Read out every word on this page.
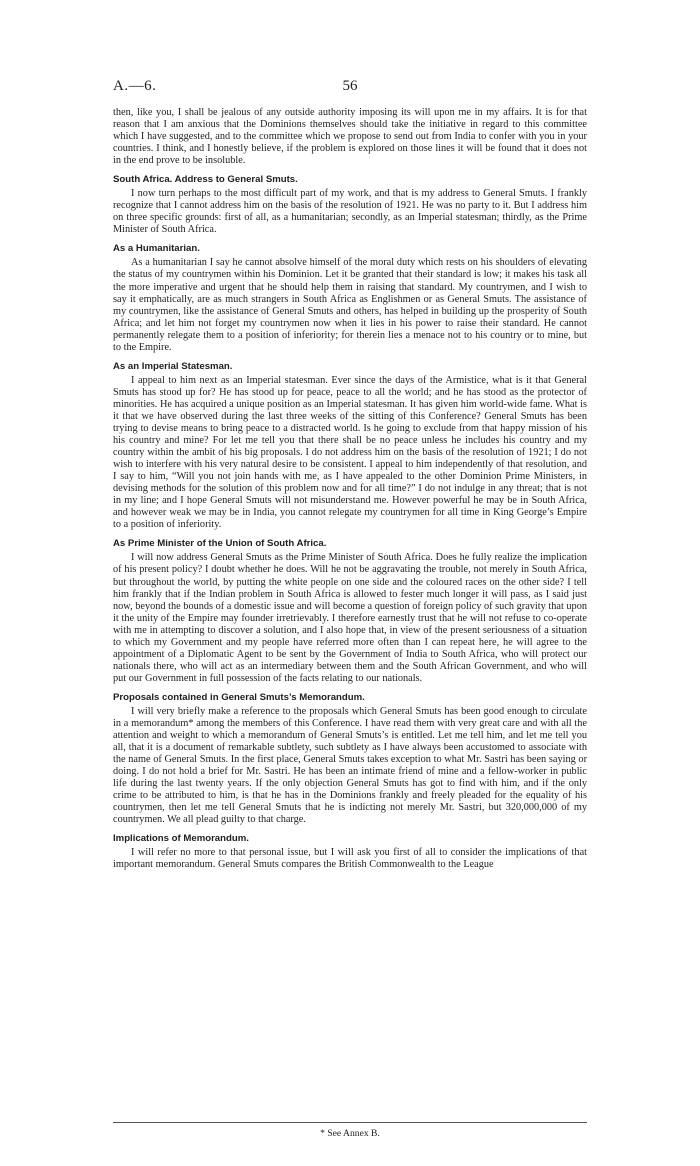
A.—6.	56

then, like you, I shall be jealous of any outside authority imposing its will upon me in my affairs. It is for that reason that I am anxious that the Dominions themselves should take the initiative in regard to this committee which I have suggested, and to the committee which we propose to send out from India to confer with you in your countries. I think, and I honestly believe, if the problem is explored on those lines it will be found that it does not in the end prove to be insoluble.

South Africa. Address to General Smuts.

I now turn perhaps to the most difficult part of my work, and that is my address to General Smuts. I frankly recognize that I cannot address him on the basis of the resolution of 1921. He was no party to it. But I address him on three specific grounds: first of all, as a humanitarian; secondly, as an Imperial statesman; thirdly, as the Prime Minister of South Africa.

As a Humanitarian.

As a humanitarian I say he cannot absolve himself of the moral duty which rests on his shoulders of elevating the status of my countrymen within his Dominion. Let it be granted that their standard is low; it makes his task all the more imperative and urgent that he should help them in raising that standard. My countrymen, and I wish to say it emphatically, are as much strangers in South Africa as Englishmen or as General Smuts. The assistance of my countrymen, like the assistance of General Smuts and others, has helped in building up the prosperity of South Africa; and let him not forget my countrymen now when it lies in his power to raise their standard. He cannot permanently relegate them to a position of inferiority; for therein lies a menace not to his country or to mine, but to the Empire.

As an Imperial Statesman.

I appeal to him next as an Imperial statesman. Ever since the days of the Armistice, what is it that General Smuts has stood up for? He has stood up for peace, peace to all the world; and he has stood as the protector of minorities. He has acquired a unique position as an Imperial statesman. It has given him world-wide fame. What is it that we have observed during the last three weeks of the sitting of this Conference? General Smuts has been trying to devise means to bring peace to a distracted world. Is he going to exclude from that happy mission of his his country and mine? For let me tell you that there shall be no peace unless he includes his country and my country within the ambit of his big proposals. I do not address him on the basis of the resolution of 1921; I do not wish to interfere with his very natural desire to be consistent. I appeal to him independently of that resolution, and I say to him, “Will you not join hands with me, as I have appealed to the other Dominion Prime Ministers, in devising methods for the solution of this problem now and for all time?” I do not indulge in any threat; that is not in my line; and I hope General Smuts will not misunderstand me. However powerful he may be in South Africa, and however weak we may be in India, you cannot relegate my countrymen for all time in King George’s Empire to a position of inferiority.

As Prime Minister of the Union of South Africa.

I will now address General Smuts as the Prime Minister of South Africa. Does he fully realize the implication of his present policy? I doubt whether he does. Will he not be aggravating the trouble, not merely in South Africa, but throughout the world, by putting the white people on one side and the coloured races on the other side? I tell him frankly that if the Indian problem in South Africa is allowed to fester much longer it will pass, as I said just now, beyond the bounds of a domestic issue and will become a question of foreign policy of such gravity that upon it the unity of the Empire may founder irretrievably. I therefore earnestly trust that he will not refuse to co-operate with me in attempting to discover a solution, and I also hope that, in view of the present seriousness of a situation to which my Government and my people have referred more often than I can repeat here, he will agree to the appointment of a Diplomatic Agent to be sent by the Government of India to South Africa, who will protect our nationals there, who will act as an intermediary between them and the South African Government, and who will put our Government in full possession of the facts relating to our nationals.

Proposals contained in General Smuts’s Memorandum.

I will very briefly make a reference to the proposals which General Smuts has been good enough to circulate in a memorandum* among the members of this Conference. I have read them with very great care and with all the attention and weight to which a memorandum of General Smuts’s is entitled. Let me tell him, and let me tell you all, that it is a document of remarkable subtlety, such subtlety as I have always been accustomed to associate with the name of General Smuts. In the first place, General Smuts takes exception to what Mr. Sastri has been saying or doing. I do not hold a brief for Mr. Sastri. He has been an intimate friend of mine and a fellow-worker in public life during the last twenty years. If the only objection General Smuts has got to find with him, and if the only crime to be attributed to him, is that he has in the Dominions frankly and freely pleaded for the equality of his countrymen, then let me tell General Smuts that he is indicting not merely Mr. Sastri, but 320,000,000 of my countrymen. We all plead guilty to that charge.

Implications of Memorandum.

I will refer no more to that personal issue, but I will ask you first of all to consider the implications of that important memorandum. General Smuts compares the British Commonwealth to the League

* See Annex B.
